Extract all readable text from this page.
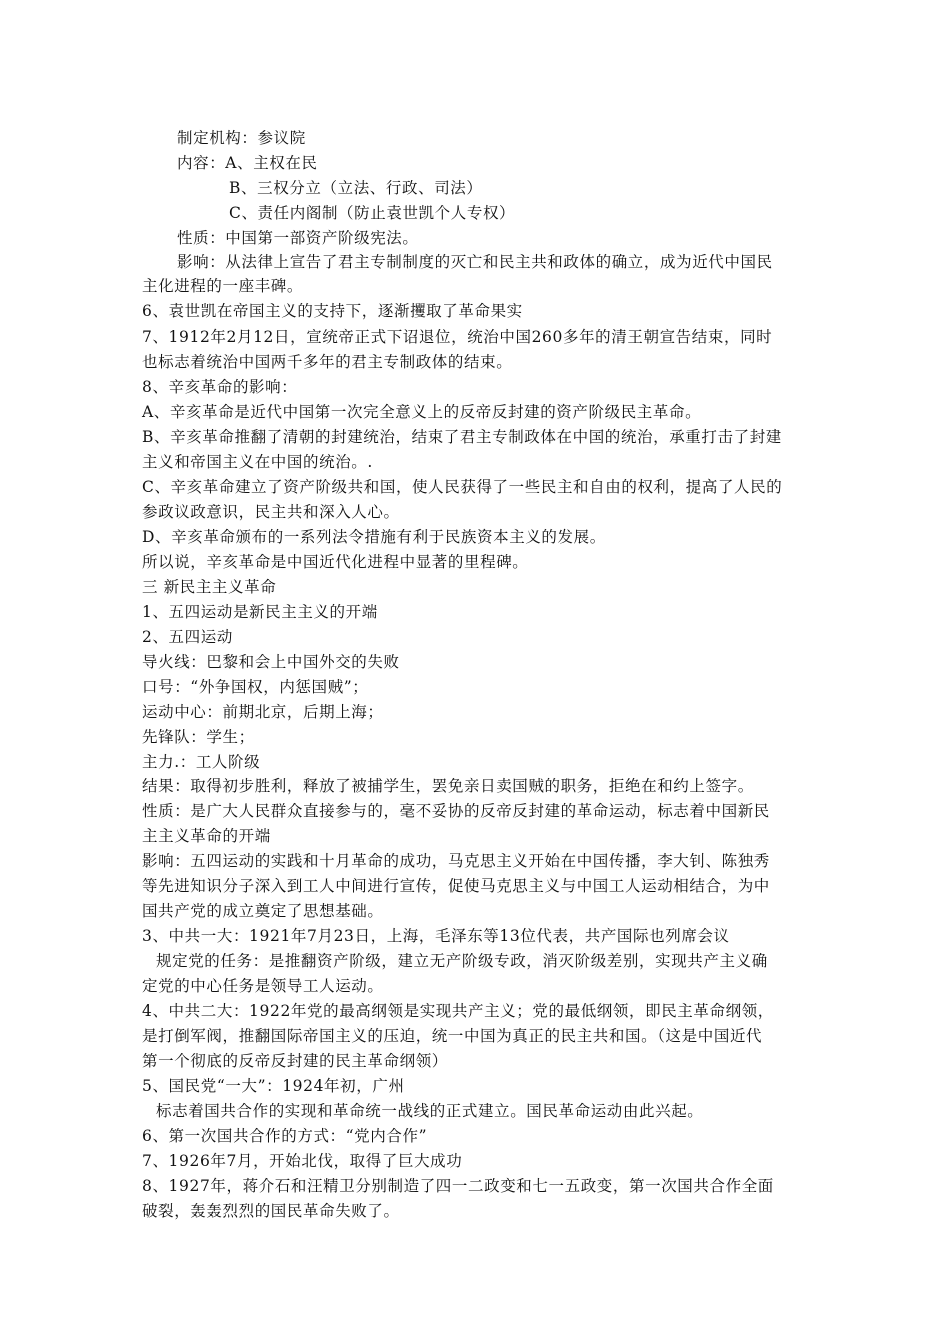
制定机构：参议院
内容：A、主权在民
B、三权分立（立法、行政、司法）
C、责任内阁制（防止袁世凯个人专权）
性质：中国第一部资产阶级宪法。
影响：从法律上宣告了君主专制制度的灭亡和民主共和政体的确立，成为近代中国民
主化进程的一座丰碑。
6、袁世凯在帝国主义的支持下，逐渐攫取了革命果实
7、1912年2月12日，宣统帝正式下诏退位，统治中国260多年的清王朝宣告结束，同时
也标志着统治中国两千多年的君主专制政体的结束。
8、辛亥革命的影响：
A、辛亥革命是近代中国第一次完全意义上的反帝反封建的资产阶级民主革命。
B、辛亥革命推翻了清朝的封建统治，结束了君主专制政体在中国的统治，承重打击了封建
主义和帝国主义在中国的统治。.
C、辛亥革命建立了资产阶级共和国，使人民获得了一些民主和自由的权利，提高了人民的
参政议政意识，民主共和深入人心。
D、辛亥革命颁布的一系列法令措施有利于民族资本主义的发展。
所以说，辛亥革命是中国近代化进程中显著的里程碑。
三 新民主主义革命
1、五四运动是新民主主义的开端
2、五四运动
导火线：巴黎和会上中国外交的失败
口号：“外争国权，内惩国贼”；
运动中心：前期北京，后期上海；
先锋队：学生；
主力.：工人阶级
结果：取得初步胜利，释放了被捕学生，罢免亲日卖国贼的职务，拒绝在和约上签字。
性质：是广大人民群众直接参与的，毫不妥协的反帝反封建的革命运动，标志着中国新民
主主义革命的开端
影响：五四运动的实践和十月革命的成功，马克思主义开始在中国传播，李大钊、陈独秀
等先进知识分子深入到工人中间进行宣传，促使马克思主义与中国工人运动相结合，为中
国共产党的成立奠定了思想基础。
3、中共一大：1921年7月23日，上海，毛泽东等13位代表，共产国际也列席会议
规定党的任务：是推翻资产阶级，建立无产阶级专政，消灭阶级差别，实现共产主义确
定党的中心任务是领导工人运动。
4、中共二大：1922年党的最高纲领是实现共产主义；党的最低纲领，即民主革命纲领，
是打倒军阀，推翻国际帝国主义的压迫，统一中国为真正的民主共和国。（这是中国近代
第一个彻底的反帝反封建的民主革命纲领）
5、国民党“一大”：1924年初，广州
标志着国共合作的实现和革命统一战线的正式建立。国民革命运动由此兴起。
6、第一次国共合作的方式：“党内合作”
7、1926年7月，开始北伐，取得了巨大成功
8、1927年，蒋介石和汪精卫分别制造了四一二政变和七一五政变，第一次国共合作全面
破裂，轰轰烈烈的国民革命失败了。
